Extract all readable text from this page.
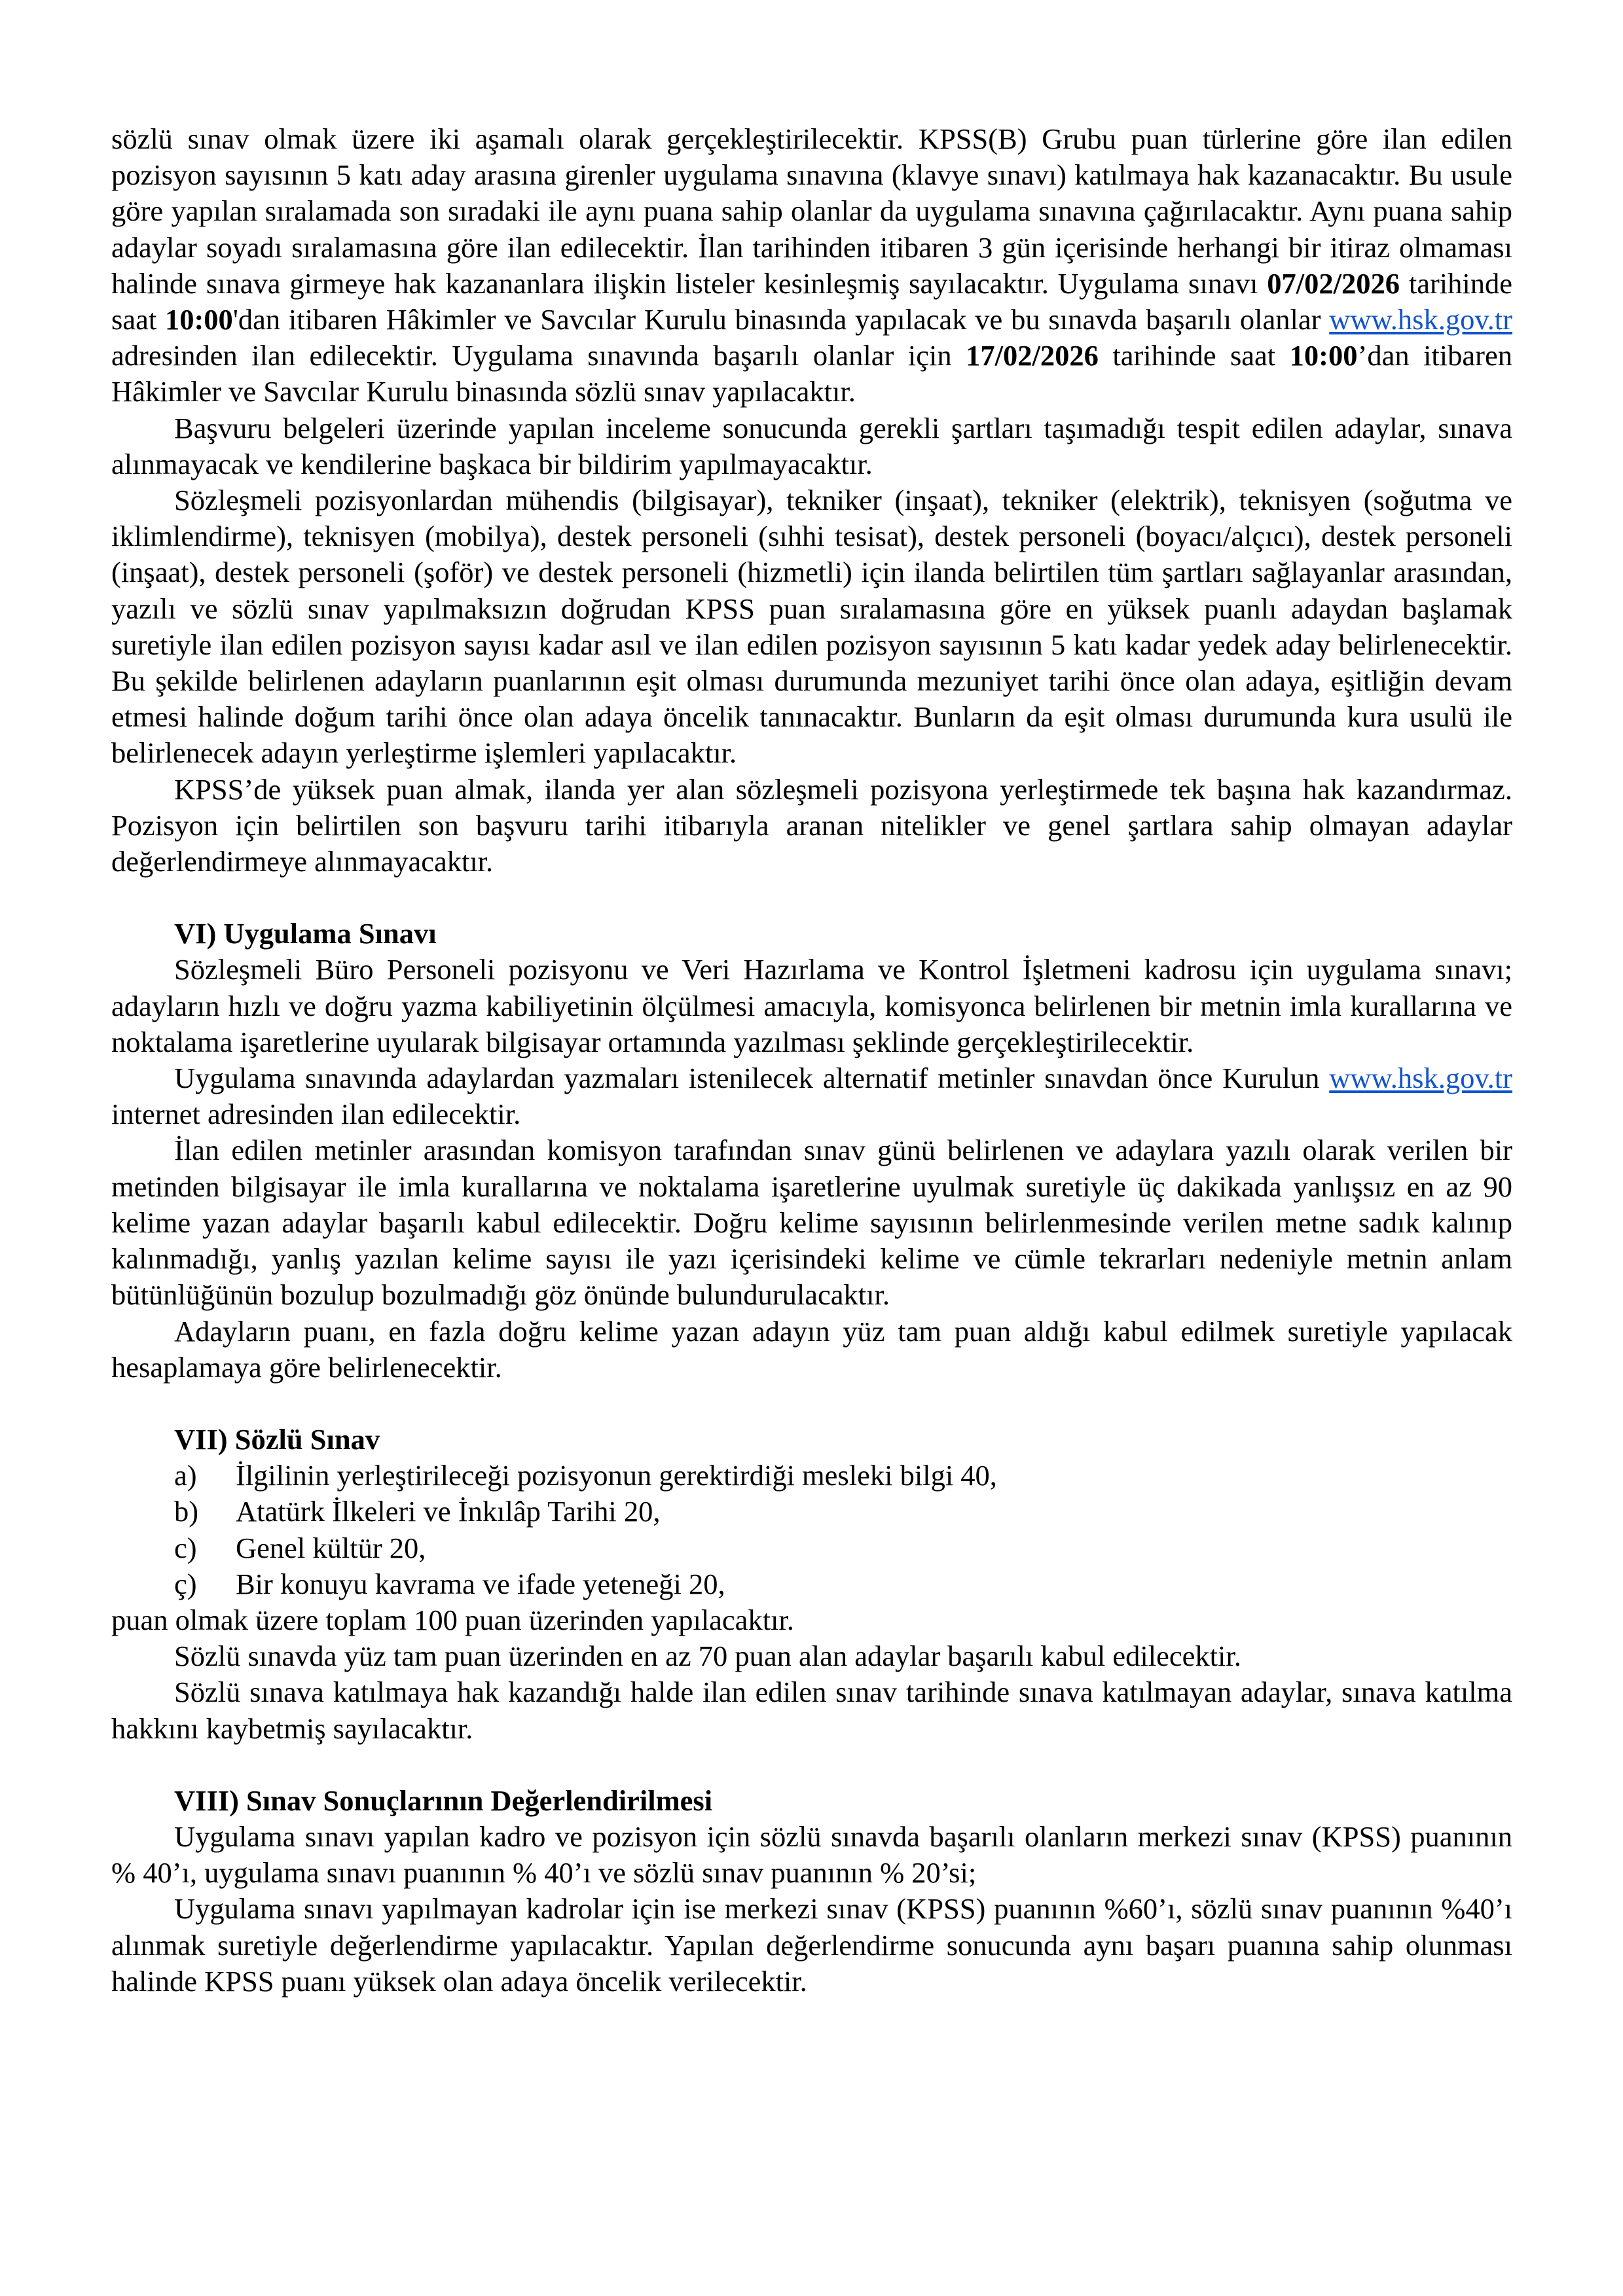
sözlü sınav olmak üzere iki aşamalı olarak gerçekleştirilecektir. KPSS(B) Grubu puan türlerine göre ilan edilen pozisyon sayısının 5 katı aday arasına girenler uygulama sınavına (klavye sınavı) katılmaya hak kazanacaktır. Bu usule göre yapılan sıralamada son sıradaki ile aynı puana sahip olanlar da uygulama sınavına çağırılacaktır. Aynı puana sahip adaylar soyadı sıralamasına göre ilan edilecektir. İlan tarihinden itibaren 3 gün içerisinde herhangi bir itiraz olmaması halinde sınava girmeye hak kazananlara ilişkin listeler kesinleşmiş sayılacaktır. Uygulama sınavı 07/02/2026 tarihinde saat 10:00'dan itibaren Hâkimler ve Savcılar Kurulu binasında yapılacak ve bu sınavda başarılı olanlar www.hsk.gov.tr adresinden ilan edilecektir. Uygulama sınavında başarılı olanlar için 17/02/2026 tarihinde saat 10:00’dan itibaren Hâkimler ve Savcılar Kurulu binasında sözlü sınav yapılacaktır.

Başvuru belgeleri üzerinde yapılan inceleme sonucunda gerekli şartları taşımadığı tespit edilen adaylar, sınava alınmayacak ve kendilerine başkaca bir bildirim yapılmayacaktır.

Sözleşmeli pozisyonlardan mühendis (bilgisayar), tekniker (inşaat), tekniker (elektrik), teknisyen (soğutma ve iklimlendirme), teknisyen (mobilya), destek personeli (sıhhi tesisat), destek personeli (boyacı/alçıcı), destek personeli (inşaat), destek personeli (şoför) ve destek personeli (hizmetli) için ilanda belirtilen tüm şartları sağlayanlar arasından, yazılı ve sözlü sınav yapılmaksızın doğrudan KPSS puan sıralamasına göre en yüksek puanlı adaydan başlamak suretiyle ilan edilen pozisyon sayısı kadar asıl ve ilan edilen pozisyon sayısının 5 katı kadar yedek aday belirlenecektir. Bu şekilde belirlenen adayların puanlarının eşit olması durumunda mezuniyet tarihi önce olan adaya, eşitliğin devam etmesi halinde doğum tarihi önce olan adaya öncelik tanınacaktır. Bunların da eşit olması durumunda kura usulü ile belirlenecek adayın yerleştirme işlemleri yapılacaktır.

KPSS’de yüksek puan almak, ilanda yer alan sözleşmeli pozisyona yerleştirmede tek başına hak kazandırmaz. Pozisyon için belirtilen son başvuru tarihi itibarıyla aranan nitelikler ve genel şartlara sahip olmayan adaylar değerlendirmeye alınmayacaktır.

VI) Uygulama Sınavı

Sözleşmeli Büro Personeli pozisyonu ve Veri Hazırlama ve Kontrol İşletmeni kadrosu için uygulama sınavı; adayların hızlı ve doğru yazma kabiliyetinin ölçülmesi amacıyla, komisyonca belirlenen bir metnin imla kurallarına ve noktalama işaretlerine uyularak bilgisayar ortamında yazılması şeklinde gerçekleştirilecektir.

Uygulama sınavında adaylardan yazmaları istenilecek alternatif metinler sınavdan önce Kurulun www.hsk.gov.tr internet adresinden ilan edilecektir.

İlan edilen metinler arasından komisyon tarafından sınav günü belirlenen ve adaylara yazılı olarak verilen bir metinden bilgisayar ile imla kurallarına ve noktalama işaretlerine uyulmak suretiyle üç dakikada yanlışsız en az 90 kelime yazan adaylar başarılı kabul edilecektir. Doğru kelime sayısının belirlenmesinde verilen metne sadık kalınıp kalınmadığı, yanlış yazılan kelime sayısı ile yazı içerisindeki kelime ve cümle tekrarları nedeniyle metnin anlam bütünlüğünün bozulup bozulmadığı göz önünde bulundurulacaktır.

Adayların puanı, en fazla doğru kelime yazan adayın yüz tam puan aldığı kabul edilmek suretiyle yapılacak hesaplamaya göre belirlenecektir.

VII) Sözlü Sınav

a)	İlgilinin yerleştirileceği pozisyonun gerektirdiği mesleki bilgi 40,

b)	Atatürk İlkeleri ve İnkılâp Tarihi 20,

c)	Genel kültür 20,

ç)	Bir konuyu kavrama ve ifade yeteneği 20,

puan olmak üzere toplam 100 puan üzerinden yapılacaktır.

Sözlü sınavda yüz tam puan üzerinden en az 70 puan alan adaylar başarılı kabul edilecektir.

Sözlü sınava katılmaya hak kazandığı halde ilan edilen sınav tarihinde sınava katılmayan adaylar, sınava katılma hakkını kaybetmiş sayılacaktır.

VIII) Sınav Sonuçlarının Değerlendirilmesi

Uygulama sınavı yapılan kadro ve pozisyon için sözlü sınavda başarılı olanların merkezi sınav (KPSS) puanının % 40’ı, uygulama sınavı puanının % 40’ı ve sözlü sınav puanının % 20’si;

Uygulama sınavı yapılmayan kadrolar için ise merkezi sınav (KPSS) puanının %60’ı, sözlü sınav puanının %40’ı alınmak suretiyle değerlendirme yapılacaktır. Yapılan değerlendirme sonucunda aynı başarı puanına sahip olunması halinde KPSS puanı yüksek olan adaya öncelik verilecektir.
